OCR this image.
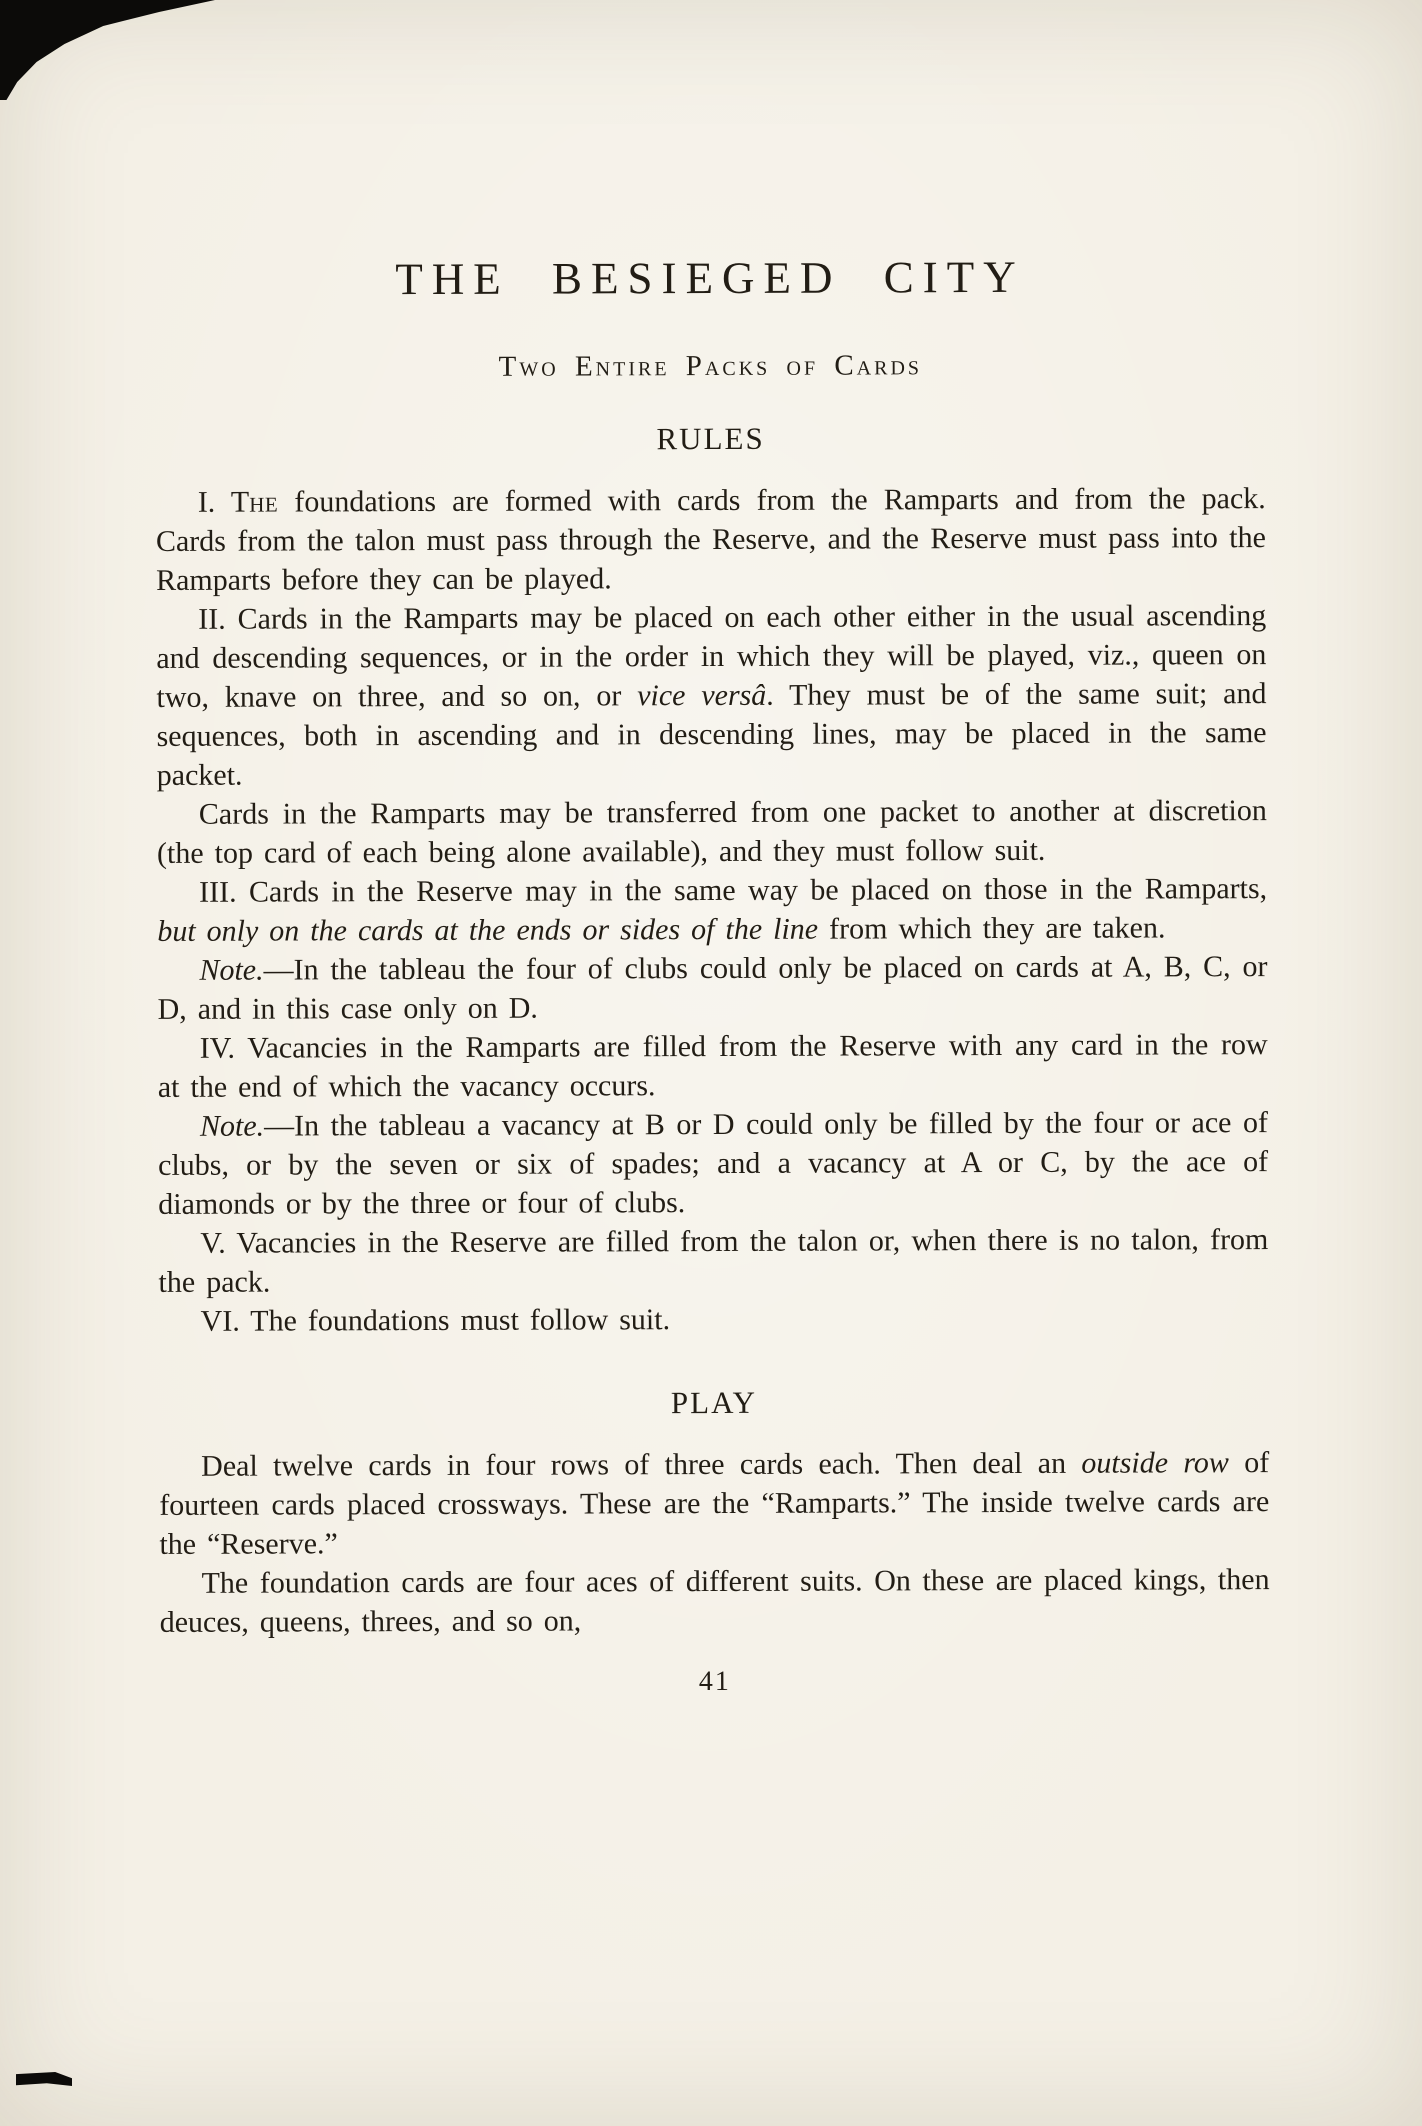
THE BESIEGED CITY
Two Entire Packs of Cards
RULES

I. The foundations are formed with cards from the Ramparts and from the pack. Cards from the talon must pass through the Reserve, and the Reserve must pass into the Ramparts before they can be played.

II. Cards in the Ramparts may be placed on each other either in the usual ascending and descending sequences, or in the order in which they will be played, viz., queen on two, knave on three, and so on, or vice versâ. They must be of the same suit; and sequences, both in ascending and in descending lines, may be placed in the same packet.

Cards in the Ramparts may be transferred from one packet to another at discretion (the top card of each being alone available), and they must follow suit.

III. Cards in the Reserve may in the same way be placed on those in the Ramparts, but only on the cards at the ends or sides of the line from which they are taken.

Note.—In the tableau the four of clubs could only be placed on cards at A, B, C, or D, and in this case only on D.

IV. Vacancies in the Ramparts are filled from the Reserve with any card in the row at the end of which the vacancy occurs.

Note.—In the tableau a vacancy at B or D could only be filled by the four or ace of clubs, or by the seven or six of spades; and a vacancy at A or C, by the ace of diamonds or by the three or four of clubs.

V. Vacancies in the Reserve are filled from the talon or, when there is no talon, from the pack.

VI. The foundations must follow suit.

PLAY

Deal twelve cards in four rows of three cards each. Then deal an outside row of fourteen cards placed crossways. These are the “Ramparts.” The inside twelve cards are the “Reserve.”

The foundation cards are four aces of different suits. On these are placed kings, then deuces, queens, threes, and so on,

41
